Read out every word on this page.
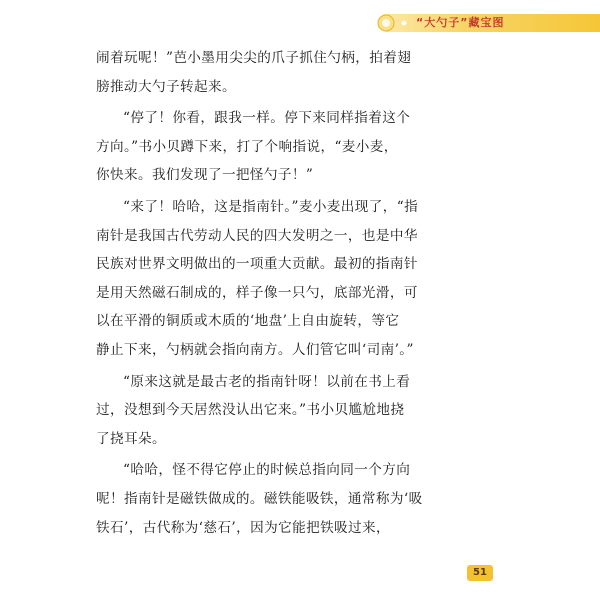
“大勺子”藏宝图

闹着玩呢！”芭小墨用尖尖的爪子抓住勺柄，拍着翅
膀推动大勺子转起来。

“停了！你看，跟我一样。停下来同样指着这个
方向。”书小贝蹲下来，打了个响指说，“麦小麦，
你快来。我们发现了一把怪勺子！”

“来了！哈哈，这是指南针。”麦小麦出现了，“指
南针是我国古代劳动人民的四大发明之一，也是中华
民族对世界文明做出的一项重大贡献。最初的指南针
是用天然磁石制成的，样子像一只勺，底部光滑，可
以在平滑的铜质或木质的‘地盘’上自由旋转，等它
静止下来，勺柄就会指向南方。人们管它叫‘司南’。”

“原来这就是最古老的指南针呀！以前在书上看
过，没想到今天居然没认出它来。”书小贝尴尬地挠
了挠耳朵。

“哈哈，怪不得它停止的时候总指向同一个方向
呢！指南针是磁铁做成的。磁铁能吸铁，通常称为‘吸
铁石’，古代称为‘慈石’，因为它能把铁吸过来，

51
